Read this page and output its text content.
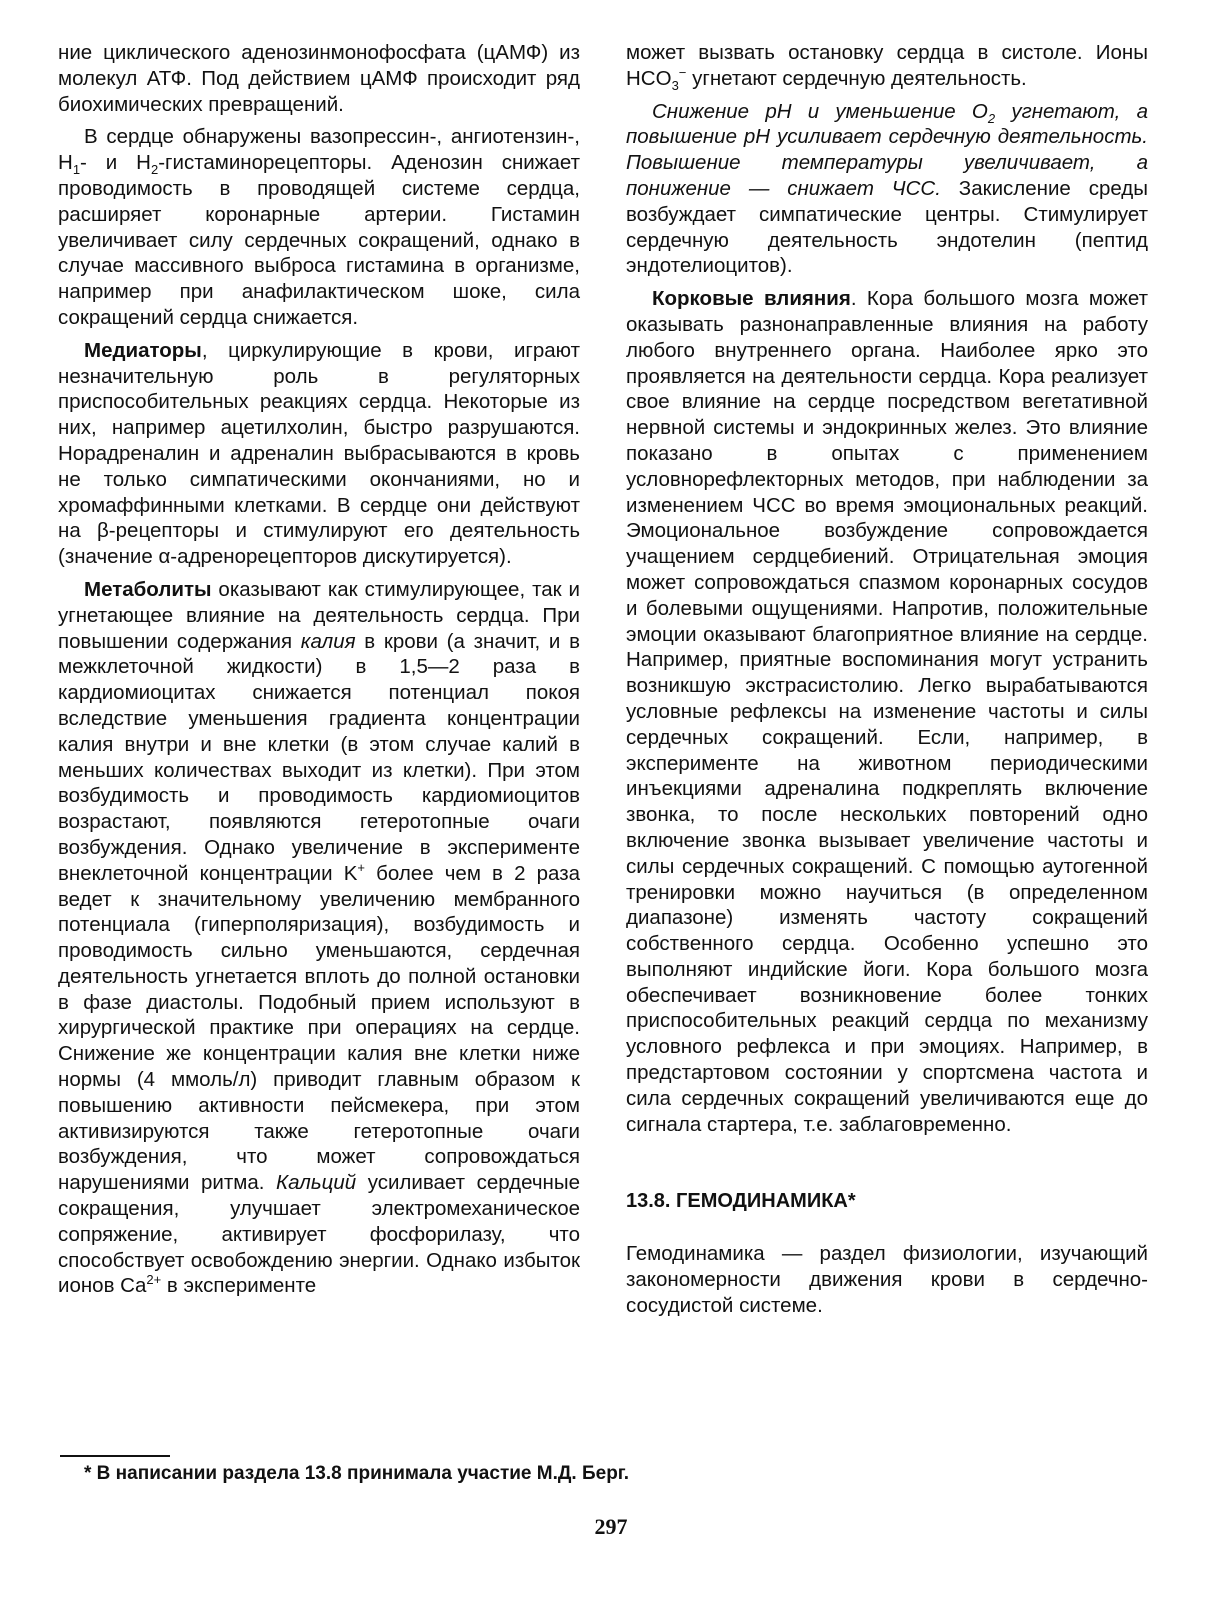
ние циклического аденозинмонофосфата (цАМФ) из молекул АТФ. Под действием цАМФ происходит ряд биохимических превращений.

В сердце обнаружены вазопрессин-, ангиотензин-, $H_1-$ и $H_2$-гистаминорецепторы. Аденозин снижает проводимость в проводящей системе сердца, расширяет коронарные артерии. Гистамин увеличивает силу сердечных сокращений, однако в случае массивного выброса гистамина в организме, например при анафилактическом шоке, сила сокращений сердца снижается.

Медиаторы, циркулирующие в крови, играют незначительную роль в регуляторных приспособительных реакциях сердца. Некоторые из них, например ацетилхолин, быстро разрушаются. Норадреналин и адреналин выбрасываются в кровь не только симпатическими окончаниями, но и хромаффинными клетками. В сердце они действуют на β-рецепторы и стимулируют его деятельность (значение α-адренорецепторов дискутируется).

Метаболиты оказывают как стимулирующее, так и угнетающее влияние на деятельность сердца. При повышении содержания калия в крови (а значит, и в межклеточной жидкости) в 1,5—2 раза в кардиомиоцитах снижается потенциал покоя вследствие уменьшения градиента концентрации калия внутри и вне клетки (в этом случае калий в меньших количествах выходит из клетки). При этом возбудимость и проводимость кардиомиоцитов возрастают, появляются гетеротопные очаги возбуждения. Однако увеличение в эксперименте внеклеточной концентрации K+ более чем в 2 раза ведет к значительному увеличению мембранного потенциала (гиперполяризация), возбудимость и проводимость сильно уменьшаются, сердечная деятельность угнетается вплоть до полной остановки в фазе диастолы. Подобный прием используют в хирургической практике при операциях на сердце. Снижение же концентрации калия вне клетки ниже нормы (4 ммоль/л) приводит главным образом к повышению активности пейсмекера, при этом активизируются также гетеротопные очаги возбуждения, что может сопровождаться нарушениями ритма. Кальций усиливает сердечные сокращения, улучшает электромеханическое сопряжение, активирует фосфорилазу, что способствует освобождению энергии. Однако избыток ионов $Ca^{2+}$ в эксперименте

может вызвать остановку сердца в систоле. Ионы $HCO_3^-$ угнетают сердечную деятельность.

Снижение pH и уменьшение $O_2$ угнетают, а повышение pH усиливает сердечную деятельность. Повышение температуры увеличивает, а понижение — снижает ЧСС. Закисление среды возбуждает симпатические центры. Стимулирует сердечную деятельность эндотелин (пептид эндотелиоцитов).

Корковые влияния. Кора большого мозга может оказывать разнонаправленные влияния на работу любого внутреннего органа. Наиболее ярко это проявляется на деятельности сердца. Кора реализует свое влияние на сердце посредством вегетативной нервной системы и эндокринных желез. Это влияние показано в опытах с применением условнорефлекторных методов, при наблюдении за изменением ЧСС во время эмоциональных реакций. Эмоциональное возбуждение сопровождается учащением сердцебиений. Отрицательная эмоция может сопровождаться спазмом коронарных сосудов и болевыми ощущениями. Напротив, положительные эмоции оказывают благоприятное влияние на сердце. Например, приятные воспоминания могут устранить возникшую экстрасистолию. Легко вырабатываются условные рефлексы на изменение частоты и силы сердечных сокращений. Если, например, в эксперименте на животном периодическими инъекциями адреналина подкреплять включение звонка, то после нескольких повторений одно включение звонка вызывает увеличение частоты и силы сердечных сокращений. С помощью аутогенной тренировки можно научиться (в определенном диапазоне) изменять частоту сокращений собственного сердца. Особенно успешно это выполняют индийские йоги. Кора большого мозга обеспечивает возникновение более тонких приспособительных реакций сердца по механизму условного рефлекса и при эмоциях. Например, в предстартовом состоянии у спортсмена частота и сила сердечных сокращений увеличиваются еще до сигнала стартера, т.е. заблаговременно.

13.8. ГЕМОДИНАМИКА*

Гемодинамика — раздел физиологии, изучающий закономерности движения крови в сердечно-сосудистой системе.

* В написании раздела 13.8 принимала участие М.Д. Берг.
297
